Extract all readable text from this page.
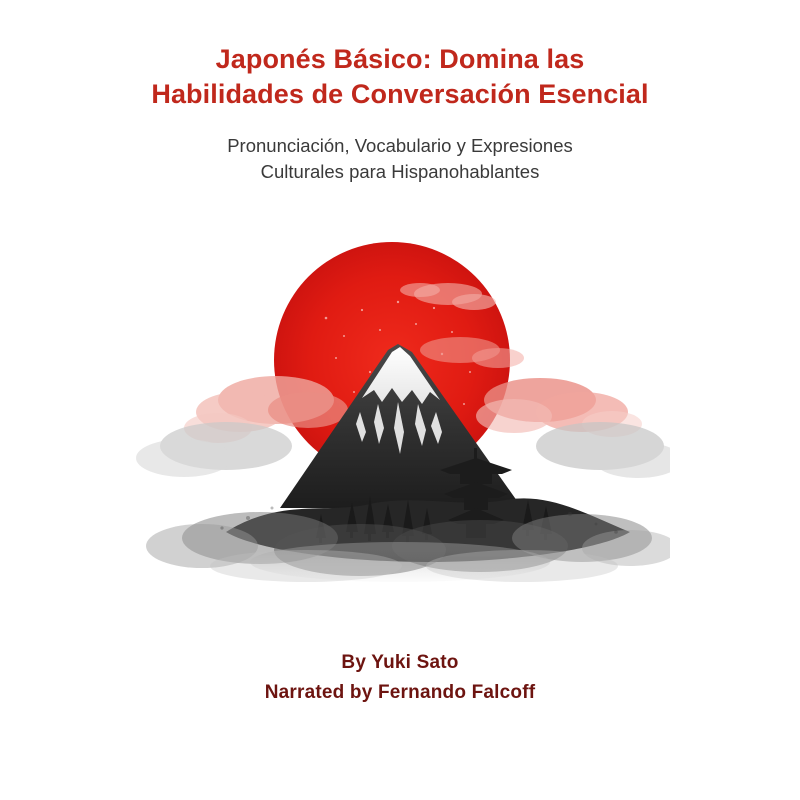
Japonés Básico: Domina las
Habilidades de Conversación Esencial
Pronunciación, Vocabulario y Expresiones
Culturales para Hispanohablantes
By Yuki Sato
Narrated by Fernando Falcoff
